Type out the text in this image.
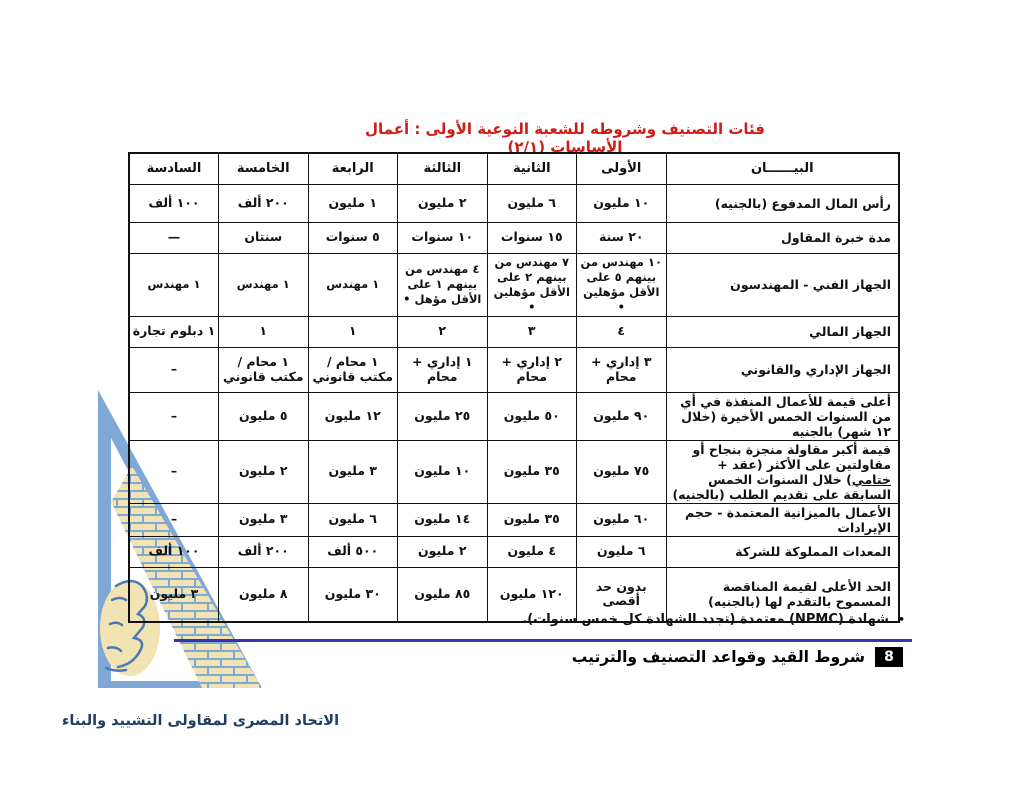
فئات التصنيف وشروطه للشعبة النوعية الأولى : أعمال الأساسات (٢/١)
البيــــــان	الأولى	الثانية	الثالثة	الرابعة	الخامسة	السادسة
رأس المال المدفوع (بالجنيه)	١٠ مليون	٦ مليون	٢ مليون	١ مليون	٢٠٠ ألف	١٠٠ ألف
مدة خبرة المقاول	٢٠ سنة	١٥ سنوات	١٠ سنوات	٥ سنوات	سنتان	—
الجهاز الفني - المهندسون	١٠ مهندس من بينهم ٥ على الأقل مؤهلين •	٧ مهندس من بينهم ٢ على الأقل مؤهلين •	٤ مهندس من بينهم ١ على الأقل مؤهل •	١ مهندس	١ مهندس	١ مهندس
الجهاز المالي	٤	٣	٢	١	١	١ دبلوم تجارة
الجهاز الإداري والقانوني	٣ إداري + محام	٢ إداري + محام	١ إداري + محام	١ محام / مكتب قانوني	١ محام / مكتب قانوني	–
أعلى قيمة للأعمال المنفذة في أي من السنوات الخمس الأخيرة (خلال ١٢ شهر) بالجنيه	٩٠ مليون	٥٠ مليون	٢٥ مليون	١٢ مليون	٥ مليون	–
قيمة أكبر مقاولة منجزة بنجاح أو مقاولتين على الأكثر (عقد + ختامي) خلال السنوات الخمس السابقة على تقديم الطلب (بالجنيه)	٧٥ مليون	٣٥ مليون	١٠ مليون	٣ مليون	٢ مليون	–
الأعمال بالميزانية المعتمدة - حجم الإيرادات	٦٠ مليون	٣٥ مليون	١٤ مليون	٦ مليون	٣ مليون	–
المعدات المملوكة للشركة	٦ مليون	٤ مليون	٢ مليون	٥٠٠ ألف	٢٠٠ ألف	١٠٠ ألف
الحد الأعلى لقيمة المناقصة المسموح بالتقدم لها (بالجنيه)	بدون حد أقصى	١٢٠ مليون	٨٥ مليون	٣٠ مليون	٨ مليون	٣ مليون
•شهادة (NPMC) معتمدة (تجدد الشهادة كل خمس سنوات).
8
شروط القيد وقواعد التصنيف والترتيب
الاتحاد المصرى لمقاولى التشييد والبناء
